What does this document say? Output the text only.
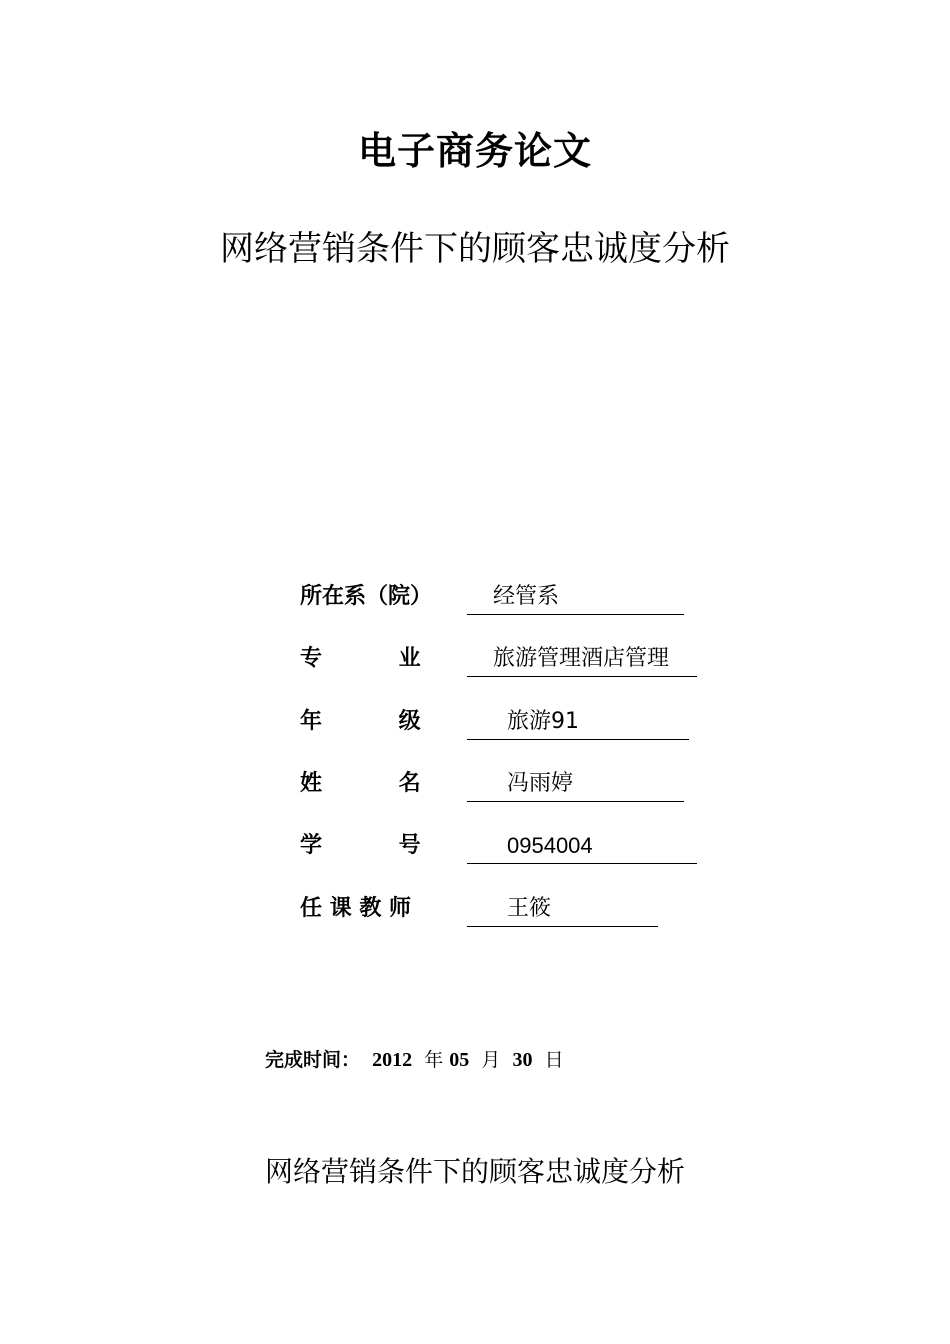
电子商务论文
网络营销条件下的顾客忠诚度分析
所在系（院）	经管系
专          业	旅游管理酒店管理
年          级	旅游91
姓          名	冯雨婷
学          号	0954004
任 课 教 师	王筱
完成时间： 2012 年 05 月 30 日
网络营销条件下的顾客忠诚度分析
